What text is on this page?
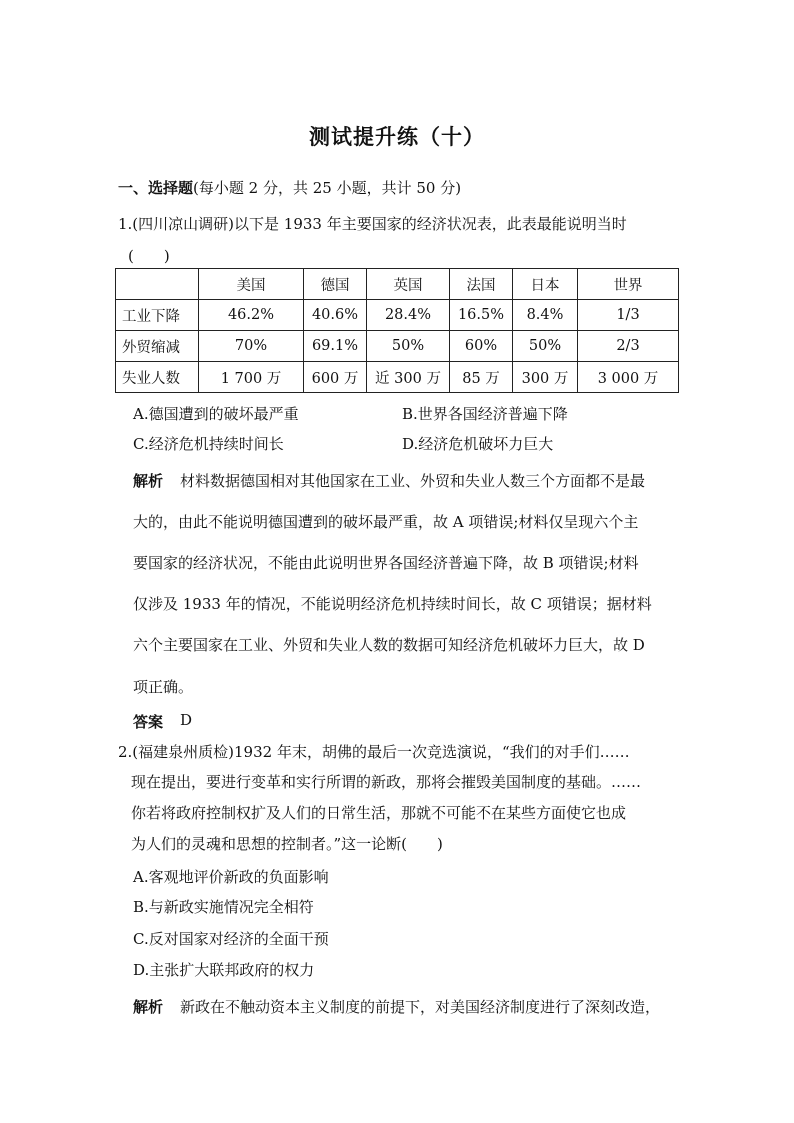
测试提升练（十）
一、选择题(每小题 2 分，共 25 小题，共计 50 分)
1.(四川凉山调研)以下是 1933 年主要国家的经济状况表，此表最能说明当时
(　　)
	美国	德国	英国	法国	日本	世界
工业下降	46.2%	40.6%	28.4%	16.5%	8.4%	1/3
外贸缩减	70%	69.1%	50%	60%	50%	2/3
失业人数	1 700 万	600 万	近 300 万	85 万	300 万	3 000 万
A.德国遭到的破坏最严重	B.世界各国经济普遍下降
C.经济危机持续时间长	D.经济危机破坏力巨大
解析 材料数据德国相对其他国家在工业、外贸和失业人数三个方面都不是最
大的，由此不能说明德国遭到的破坏最严重，故 A 项错误;材料仅呈现六个主
要国家的经济状况，不能由此说明世界各国经济普遍下降，故 B 项错误;材料
仅涉及 1933 年的情况，不能说明经济危机持续时间长，故 C 项错误；据材料
六个主要国家在工业、外贸和失业人数的数据可知经济危机破坏力巨大，故 D
项正确。
答案 D
2.(福建泉州质检)1932 年末，胡佛的最后一次竞选演说，“我们的对手们……
现在提出，要进行变革和实行所谓的新政，那将会摧毁美国制度的基础。……
你若将政府控制权扩及人们的日常生活，那就不可能不在某些方面使它也成
为人们的灵魂和思想的控制者。”这一论断(　　)
A.客观地评价新政的负面影响
B.与新政实施情况完全相符
C.反对国家对经济的全面干预
D.主张扩大联邦政府的权力
解析 新政在不触动资本主义制度的前提下，对美国经济制度进行了深刻改造，
